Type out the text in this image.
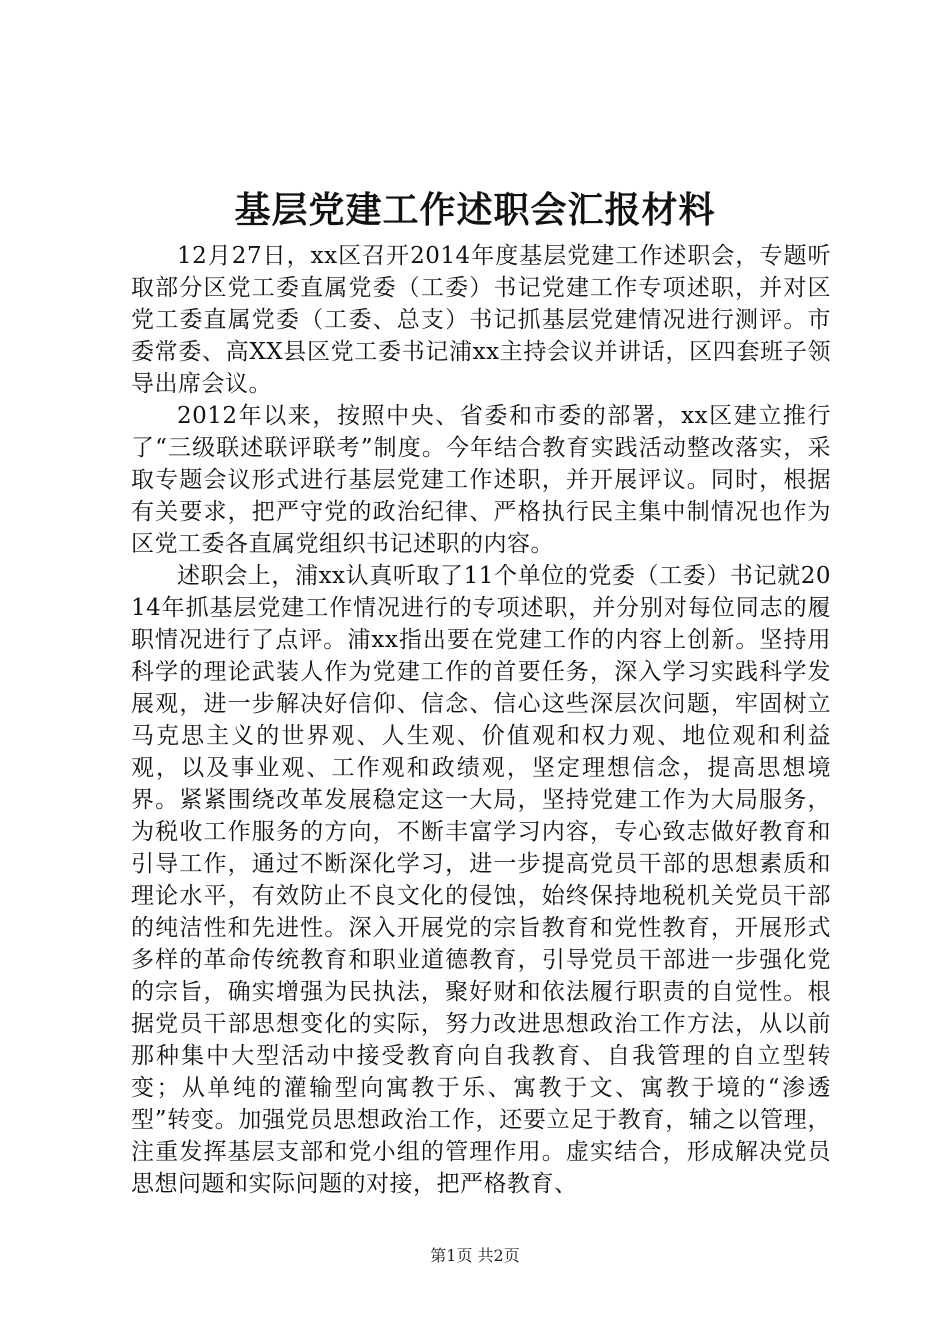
基层党建工作述职会汇报材料

12月27日，xx区召开2014年度基层党建工作述职会，专题听取部分区党工委直属党委（工委）书记党建工作专项述职，并对区党工委直属党委（工委、总支）书记抓基层党建情况进行测评。市委常委、高XX县区党工委书记浦xx主持会议并讲话，区四套班子领导出席会议。

2012年以来，按照中央、省委和市委的部署，xx区建立推行了“三级联述联评联考”制度。今年结合教育实践活动整改落实，采取专题会议形式进行基层党建工作述职，并开展评议。同时，根据有关要求，把严守党的政治纪律、严格执行民主集中制情况也作为区党工委各直属党组织书记述职的内容。

述职会上，浦xx认真听取了11个单位的党委（工委）书记就2014年抓基层党建工作情况进行的专项述职，并分别对每位同志的履职情况进行了点评。浦xx指出要在党建工作的内容上创新。坚持用科学的理论武装人作为党建工作的首要任务，深入学习实践科学发展观，进一步解决好信仰、信念、信心这些深层次问题，牢固树立马克思主义的世界观、人生观、价值观和权力观、地位观和利益观，以及事业观、工作观和政绩观，坚定理想信念，提高思想境界。紧紧围绕改革发展稳定这一大局，坚持党建工作为大局服务，为税收工作服务的方向，不断丰富学习内容，专心致志做好教育和引导工作，通过不断深化学习，进一步提高党员干部的思想素质和理论水平，有效防止不良文化的侵蚀，始终保持地税机关党员干部的纯洁性和先进性。深入开展党的宗旨教育和党性教育，开展形式多样的革命传统教育和职业道德教育，引导党员干部进一步强化党的宗旨，确实增强为民执法，聚好财和依法履行职责的自觉性。根据党员干部思想变化的实际，努力改进思想政治工作方法，从以前那种集中大型活动中接受教育向自我教育、自我管理的自立型转变；从单纯的灌输型向寓教于乐、寓教于文、寓教于境的“渗透型”转变。加强党员思想政治工作，还要立足于教育，辅之以管理，注重发挥基层支部和党小组的管理作用。虚实结合，形成解决党员思想问题和实际问题的对接，把严格教育、

第1页 共2页
